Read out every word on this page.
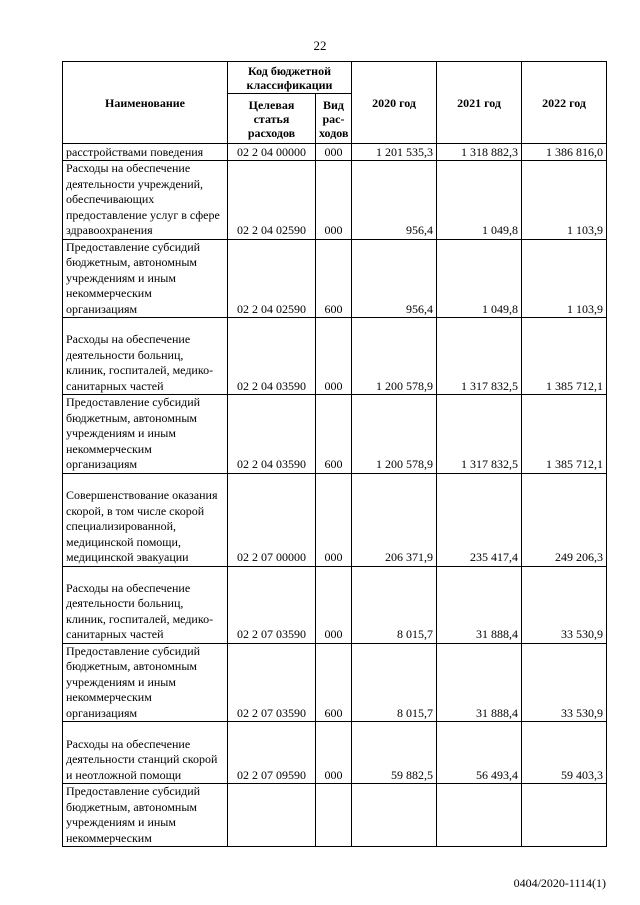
22
Наименование	Код бюджетной классификации		2020 год	2021 год	2022 год
	Целевая статья расходов	Вид рас-ходов			
расстройствами поведения	02 2 04 00000	000	1 201 535,3	1 318 882,3	1 386 816,0
Расходы на обеспечение деятельности учреждений, обеспечивающих предоставление услуг в сфере здравоохранения	02 2 04 02590	000	956,4	1 049,8	1 103,9
Предоставление субсидий бюджетным, автономным учреждениям и иным некоммерческим организациям	02 2 04 02590	600	956,4	1 049,8	1 103,9
Расходы на обеспечение деятельности больниц, клиник, госпиталей, медико-санитарных частей	02 2 04 03590	000	1 200 578,9	1 317 832,5	1 385 712,1
Предоставление субсидий бюджетным, автономным учреждениям и иным некоммерческим организациям	02 2 04 03590	600	1 200 578,9	1 317 832,5	1 385 712,1
Совершенствование оказания скорой, в том числе скорой специализированной, медицинской помощи, медицинской эвакуации	02 2 07 00000	000	206 371,9	235 417,4	249 206,3
Расходы на обеспечение деятельности больниц, клиник, госпиталей, медико-санитарных частей	02 2 07 03590	000	8 015,7	31 888,4	33 530,9
Предоставление субсидий бюджетным, автономным учреждениям и иным некоммерческим организациям	02 2 07 03590	600	8 015,7	31 888,4	33 530,9
Расходы на обеспечение деятельности станций скорой и неотложной помощи	02 2 07 09590	000	59 882,5	56 493,4	59 403,3
Предоставление субсидий бюджетным, автономным учреждениям и иным некоммерческим					
0404/2020-1114(1)
